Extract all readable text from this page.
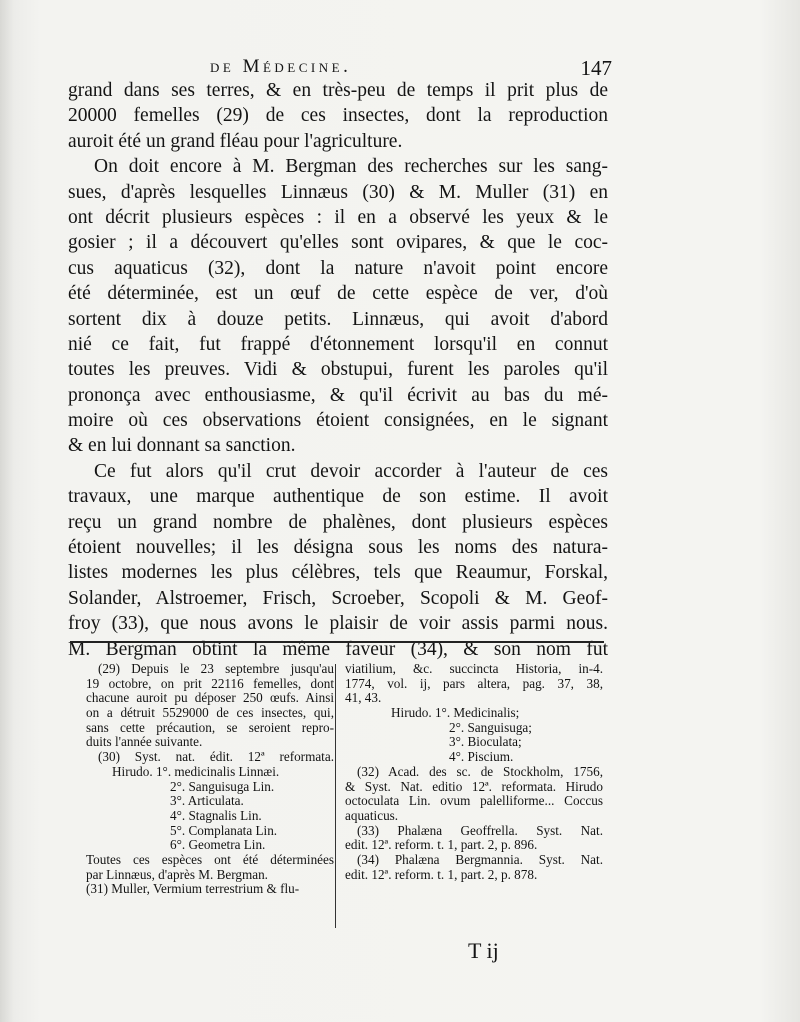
de Médecine.	147
grand dans ses terres, & en très-peu de temps il prit plus de
20000 femelles (29) de ces insectes, dont la reproduction
auroit été un grand fléau pour l'agriculture.
On doit encore à M. Bergman des recherches sur les sang-
sues, d'après lesquelles Linnæus (30) & M. Muller (31) en
ont décrit plusieurs espèces : il en a observé les yeux & le
gosier ; il a découvert qu'elles sont ovipares, & que le coc-
cus aquaticus (32), dont la nature n'avoit point encore
été déterminée, est un œuf de cette espèce de ver, d'où
sortent dix à douze petits. Linnæus, qui avoit d'abord
nié ce fait, fut frappé d'étonnement lorsqu'il en connut
toutes les preuves. Vidi & obstupui, furent les paroles qu'il
prononça avec enthousiasme, & qu'il écrivit au bas du mé-
moire où ces observations étoient consignées, en le signant
& en lui donnant sa sanction.
Ce fut alors qu'il crut devoir accorder à l'auteur de ces
travaux, une marque authentique de son estime. Il avoit
reçu un grand nombre de phalènes, dont plusieurs espèces
étoient nouvelles; il les désigna sous les noms des natura-
listes modernes les plus célèbres, tels que Reaumur, Forskal,
Solander, Alstroemer, Frisch, Scroeber, Scopoli & M. Geof-
froy (33), que nous avons le plaisir de voir assis parmi nous.
M. Bergman obtint la même faveur (34), & son nom fut
(29) Depuis le 23 septembre jusqu'au
19 octobre, on prit 22116 femelles, dont
chacune auroit pu déposer 250 œufs. Ainsi
on a détruit 5529000 de ces insectes, qui,
sans cette précaution, se seroient repro-
duits l'année suivante.
(30) Syst. nat. édit. 12ª reformata.
Hirudo. 1°. medicinalis Linnæi.
2°. Sanguisuga Lin.
3°. Articulata.
4°. Stagnalis Lin.
5°. Complanata Lin.
6°. Geometra Lin.
Toutes ces espèces ont été déterminées
par Linnæus, d'après M. Bergman.
(31) Muller, Vermium terrestrium & flu-
viatilium, &c. succincta Historia, in-4.
1774, vol. ij, pars altera, pag. 37, 38,
41, 43.
Hirudo. 1°. Medicinalis;
2°. Sanguisuga;
3°. Bioculata;
4°. Piscium.
(32) Acad. des sc. de Stockholm, 1756,
& Syst. Nat. editio 12ª. reformata. Hirudo
octoculata Lin. ovum palelliforme... Coccus
aquaticus.
(33) Phalæna Geoffrella. Syst. Nat.
edit. 12ª. reform. t. 1, part. 2, p. 896.
(34) Phalæna Bergmannia. Syst. Nat.
edit. 12ª. reform. t. 1, part. 2, p. 878.
T ij
